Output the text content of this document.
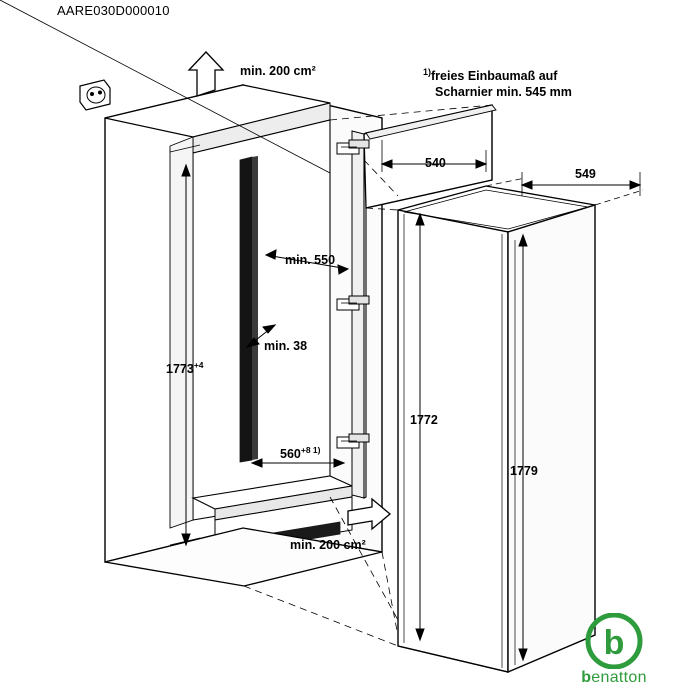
AARE030D000010
min. 200 cm²	$^{1)}$freies Einbaumaß auf
Scharnier min. 545 mm
min. 550
min. 38
$1773^{+4}$
$560^{+8 1)}$
540
549
1772
1779
min. 200 cm²
b
benatton
